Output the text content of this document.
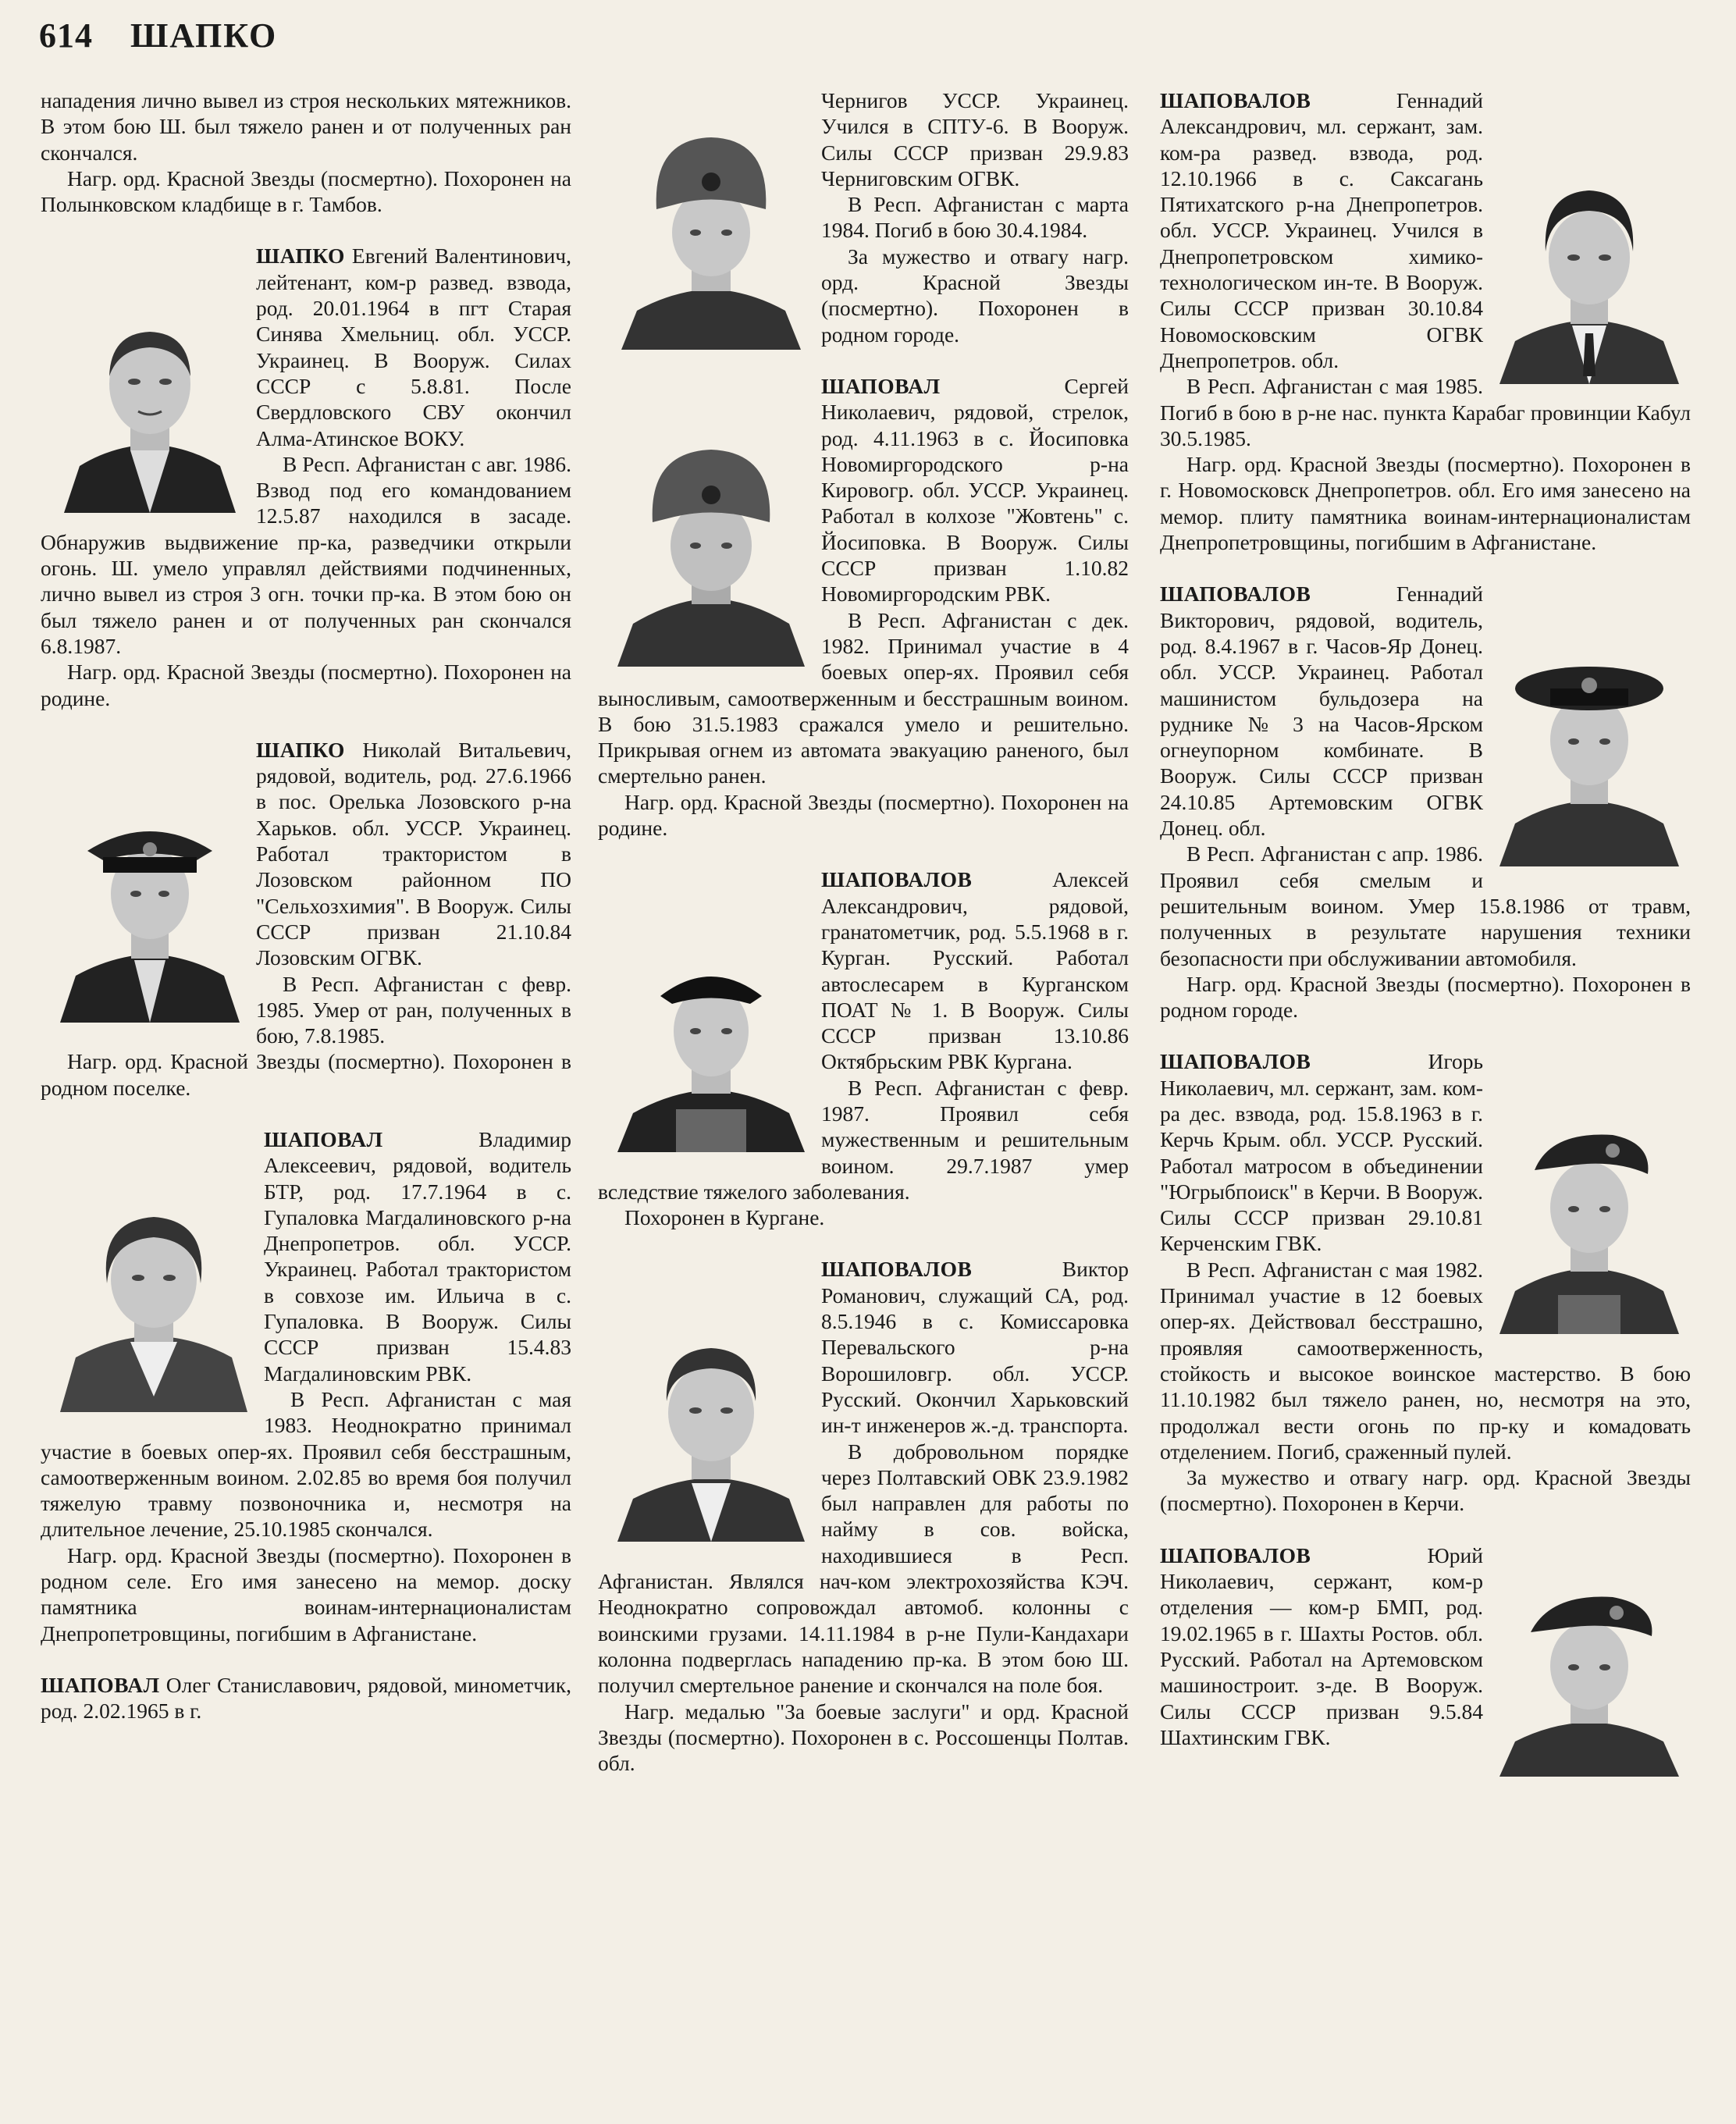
614 ШАПКО

нападения лично вывел из строя нескольких мятежников. В этом бою Ш. был тяжело ранен и от полученных ран скончался.

Нагр. орд. Красной Звезды (посмертно). Похоронен на Полынковском кладбище в г. Тамбов.

ШАПКО Евгений Валентинович, лейтенант, ком-р развед. взвода, род. 20.01.1964 в пгт Старая Синява Хмельниц. обл. УССР. Украинец. В Вооруж. Силах СССР с 5.8.81. После Свердловского СВУ окончил Алма-Атинское ВОКУ.

В Респ. Афганистан с авг. 1986. Взвод под его командованием 12.5.87 находился в засаде. Обнаружив выдвижение пр-ка, разведчики открыли огонь. Ш. умело управлял действиями подчиненных, лично вывел из строя 3 огн. точки пр-ка. В этом бою он был тяжело ранен и от полученных ран скончался 6.8.1987.

Нагр. орд. Красной Звезды (посмертно). Похоронен на родине.

ШАПКО Николай Витальевич, рядовой, водитель, род. 27.6.1966 в пос. Орелька Лозовского р-на Харьков. обл. УССР. Украинец. Работал трактористом в Лозовском районном ПО "Сельхозхимия". В Вооруж. Силы СССР призван 21.10.84 Лозовским ОГВК.

В Респ. Афганистан с февр. 1985. Умер от ран, полученных в бою, 7.8.1985.

Нагр. орд. Красной Звезды (посмертно). Похоронен в родном поселке.

ШАПОВАЛ	Владимир Алексеевич, рядовой, водитель БТР, род. 17.7.1964 в с. Гупаловка Магдалиновского р-на Днепропетров. обл. УССР. Украинец. Работал трактористом в совхозе им. Ильича в с. Гупаловка. В Вооруж. Силы СССР призван 15.4.83 Магдалиновским РВК.

В Респ. Афганистан с мая 1983. Неоднократно принимал участие в боевых опер-ях. Проявил себя бесстрашным, самоотверженным воином. 2.02.85 во время боя получил тяжелую травму позвоночника и, несмотря на длительное лечение, 25.10.1985 скончался.

Нагр. орд. Красной Звезды (посмертно). Похоронен в родном селе. Его имя занесено на мемор. доску памятника воинам-интернационалистам Днепропетровщины, погибшим в Афганистане.

ШАПОВАЛ Олег Станиславович, рядовой, минометчик, род. 2.02.1965 в г.

Чернигов УССР. Украинец. Учился в СПТУ-6. В Вооруж. Силы СССР призван 29.9.83 Черниговским ОГВК.

В Респ. Афганистан с марта 1984. Погиб в бою 30.4.1984.

За мужество и отвагу нагр. орд. Красной Звезды (посмертно). Похоронен в родном городе.

ШАПОВАЛ	Сергей Николаевич, рядовой, стрелок, род. 4.11.1963 в с. Йосиповка Новомиргородского р-на Кировогр. обл. УССР. Украинец. Работал в колхозе "Жовтень" с. Йосиповка. В Вооруж. Силы СССР призван 1.10.82 Новомиргородским РВК.

В Респ. Афганистан с дек. 1982. Принимал участие в 4 боевых опер-ях. Проявил себя выносливым, самоотверженным и бесстрашным воином. В бою 31.5.1983 сражался умело и решительно. Прикрывая огнем из автомата эвакуацию раненого, был смертельно ранен.

Нагр. орд. Красной Звезды (посмертно). Похоронен на родине.

ШАПОВАЛОВ	Алексей Александрович, рядовой, гранатометчик, род. 5.5.1968 в г. Курган. Русский. Работал автослесарем в Курганском ПОАТ № 1. В Вооруж. Силы СССР призван 13.10.86 Октябрьским РВК Кургана.

В Респ. Афганистан с февр. 1987. Проявил себя мужественным и решительным воином. 29.7.1987 умер вследствие тяжелого заболевания.

Похоронен в Кургане.

ШАПОВАЛОВ	Виктор Романович, служащий СА, род. 8.5.1946 в с. Комиссаровка Перевальского р-на Ворошиловгр. обл. УССР. Русский. Окончил Харьковский ин-т инженеров ж.-д. транспорта.

В добровольном порядке через Полтавский ОВК 23.9.1982 был направлен для работы по найму в сов. войска, находившиеся в Респ. Афганистан. Являлся нач-ком электрохозяйства КЭЧ. Неоднократно сопровождал автомоб. колонны с воинскими грузами. 14.11.1984 в р-не Пули-Кандахари колонна подверглась нападению пр-ка. В этом бою Ш. получил смертельное ранение и скончался на поле боя.

Нагр. медалью "За боевые заслуги" и орд. Красной Звезды (посмертно). Похоронен в с. Россошенцы Полтав. обл.

ШАПОВАЛОВ	Геннадий Александрович, мл. сержант, зам. ком-ра развед. взвода, род. 12.10.1966 в с. Саксагань Пятихатского р-на Днепропетров. обл. УССР. Украинец. Учился в Днепропетровском химико-технологическом ин-те. В Вооруж. Силы СССР призван 30.10.84 Новомосковским ОГВК Днепропетров. обл.

В Респ. Афганистан с мая 1985. Погиб в бою в р-не нас. пункта Карабаг провинции Кабул 30.5.1985.

Нагр. орд. Красной Звезды (посмертно). Похоронен в г. Новомосковск Днепропетров. обл. Его имя занесено на мемор. плиту памятника воинам-интернационалистам Днепропетровщины, погибшим в Афганистане.

ШАПОВАЛОВ	Геннадий Викторович, рядовой, водитель, род. 8.4.1967 в г. Часов-Яр Донец. обл. УССР. Украинец. Работал машинистом бульдозера на руднике № 3 на Часов-Ярском огнеупорном комбинате. В Вооруж. Силы СССР призван 24.10.85 Артемовским ОГВК Донец. обл.

В Респ. Афганистан с апр. 1986. Проявил себя смелым и решительным воином. Умер 15.8.1986 от травм, полученных в результате нарушения техники безопасности при обслуживании автомобиля.

Нагр. орд. Красной Звезды (посмертно). Похоронен в родном городе.

ШАПОВАЛОВ	Игорь Николаевич, мл. сержант, зам. ком-ра дес. взвода, род. 15.8.1963 в г. Керчь Крым. обл. УССР. Русский. Работал матросом в объединении "Югрыбпоиск" в Керчи. В Вооруж. Силы СССР призван 29.10.81 Керченским ГВК.

В Респ. Афганистан с мая 1982. Принимал участие в 12 боевых опер-ях. Действовал бесстрашно, проявляя самоотверженность, стойкость и высокое воинское мастерство. В бою 11.10.1982 был тяжело ранен, но, несмотря на это, продолжал вести огонь по пр-ку и комадовать отделением. Погиб, сраженный пулей.

За мужество и отвагу нагр. орд. Красной Звезды (посмертно). Похоронен в Керчи.

ШАПОВАЛОВ	Юрий Николаевич, сержант, ком-р отделения — ком-р БМП, род. 19.02.1965 в г. Шахты Ростов. обл. Русский. Работал на Артемовском машиностроит. з-де. В Вооруж. Силы СССР призван 9.5.84 Шахтинским ГВК.
